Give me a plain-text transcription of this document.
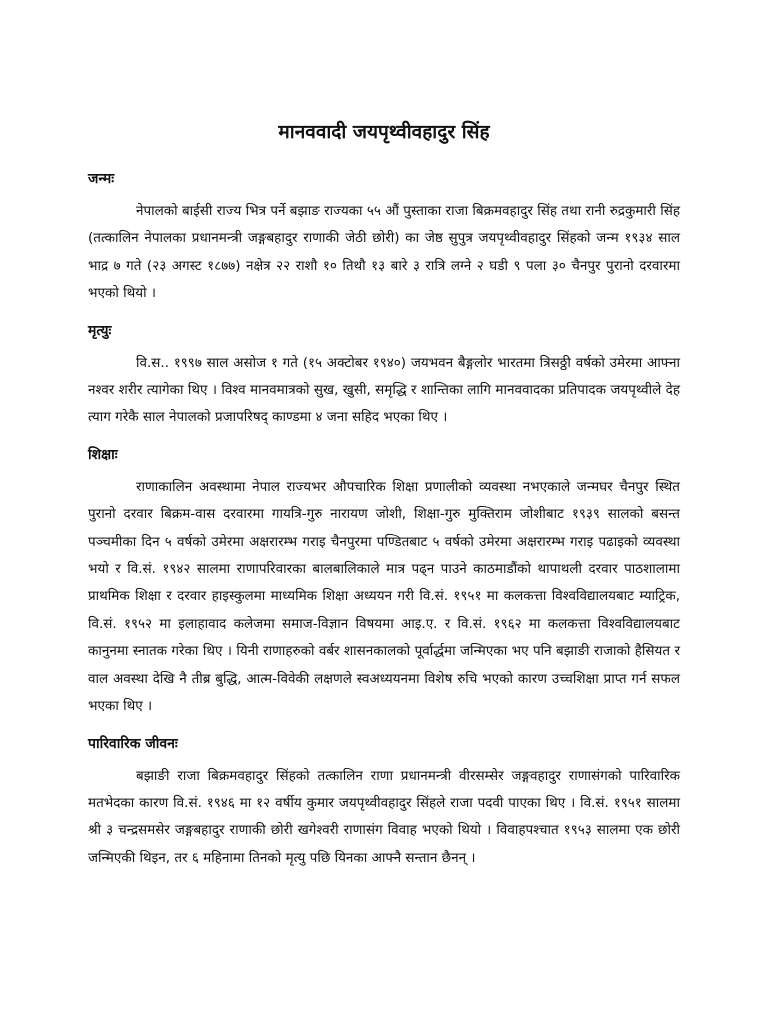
मानववादी जयपृथ्वीवहादुर सिंह
जन्मः

नेपालको बाईसी राज्य भित्र पर्ने बझाङ राज्यका ५५ औं पुस्ताका राजा बिक्रमवहादुर सिंह तथा रानी रुद्रकुमारी सिंह (तत्कालिन नेपालका प्रधानमन्त्री जङ्गबहादुर राणाकी जेठी छोरी) का जेष्ठ सुपुत्र जयपृथ्वीवहादुर सिंहको जन्म १९३४ साल भाद्र ७ गते (२३ अगस्ट १८७७) नक्षेत्र २२ राशौ १० तिथौ १३ बारे ३ रात्रि लग्ने २ घडी ९ पला ३० चैनपुर पुरानो दरवारमा भएको थियो ।

मृत्युः

वि.स.. १९९७ साल असोज १ गते (१५ अक्टोबर १९४०) जयभवन बैङ्गलोर भारतमा त्रिसठ्ठी वर्षको उमेरमा आफ्ना नश्वर शरीर त्यागेका थिए । विश्व मानवमात्रको सुख, खुसी, समृद्धि र शान्तिका लागि मानववादका प्रतिपादक जयपृथ्वीले देह त्याग गरेकै साल नेपालको प्रजापरिषद् काण्डमा ४ जना सहिद भएका थिए ।

शिक्षाः

राणाकालिन अवस्थामा नेपाल राज्यभर औपचारिक शिक्षा प्रणालीको व्यवस्था नभएकाले जन्मघर चैनपुर स्थित पुरानो दरवार बिक्रम-वास दरवारमा गायत्रि-गुरु नारायण जोशी, शिक्षा-गुरु मुक्तिराम जोशीबाट १९३९ सालको बसन्त पञ्चमीका दिन ५ वर्षको उमेरमा अक्षरारम्भ गराइ चैनपुरमा पण्डितबाट ५ वर्षको उमेरमा अक्षरारम्भ गराइ पढाइको व्यवस्था भयो र वि.सं. १९४२ सालमा राणापरिवारका बालबालिकाले मात्र पढ्न पाउने काठमाडौंको थापाथली दरवार पाठशालामा प्राथमिक शिक्षा र दरवार हाइस्कुलमा माध्यमिक शिक्षा अध्ययन गरी वि.सं. १९५१ मा कलकत्ता विश्वविद्यालयबाट म्याट्रिक, वि.सं. १९५२ मा इलाहावाद कलेजमा समाज-विज्ञान विषयमा आइ.ए. र वि.सं. १९६२ मा कलकत्ता विश्वविद्यालयबाट कानुनमा स्नातक गरेका थिए । यिनी राणाहरुको वर्बर शासनकालको पूर्वार्द्धमा जन्मिएका भए पनि बझाङी राजाको हैसियत र वाल अवस्था देखि नै तीब्र बुद्धि, आत्म-विवेकी लक्षणले स्वअध्ययनमा विशेष रुचि भएको कारण उच्चशिक्षा प्राप्त गर्न सफल भएका थिए ।

पारिवारिक जीवनः

बझाङी राजा बिक्रमवहादुर सिंहको तत्कालिन राणा प्रधानमन्त्री वीरसम्सेर जङ्गवहादुर राणासंगको पारिवारिक मतभेदका कारण वि.सं. १९४६ मा १२ वर्षीय कुमार जयपृथ्वीवहादुर सिंहले राजा पदवी पाएका थिए । वि.सं. १९५१ सालमा श्री ३ चन्द्रसमसेर जङ्गबहादुर राणाकी छोरी खगेश्वरी राणासंग विवाह भएको थियो । विवाहपश्चात १९५३ सालमा एक छोरी जन्मिएकी थिइन, तर ६ महिनामा तिनको मृत्यु पछि यिनका आफ्नै सन्तान छैनन् ।
